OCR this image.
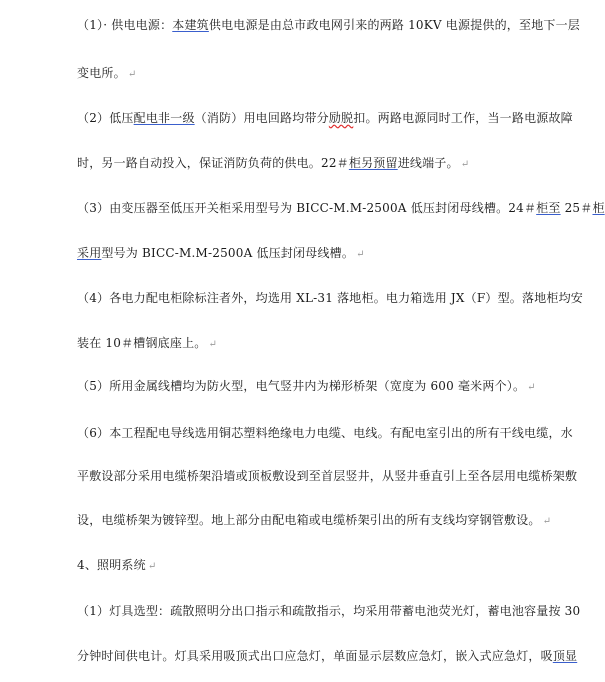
（1）· 供电电源：本建筑供电电源是由总市政电网引来的两路 10KV 电源提供的，至地下一层
变电所。 ↵
（2）低压配电非一级（消防）用电回路均带分励脱扣。两路电源同时工作，当一路电源故障
时，另一路自动投入，保证消防负荷的供电。22＃柜另预留进线端子。 ↵
（3）由变压器至低压开关柜采用型号为 BICC-M.M-2500A 低压封闭母线槽。24＃柜至 25＃柜
采用型号为 BICC-M.M-2500A 低压封闭母线槽。 ↵
（4）各电力配电柜除标注者外，均选用 XL-31 落地柜。电力箱选用 JX（F）型。落地柜均安
装在 10＃槽钢底座上。 ↵
（5）所用金属线槽均为防火型，电气竖井内为梯形桥架（宽度为 600 毫米两个）。 ↵
（6）本工程配电导线选用铜芯塑料绝缘电力电缆、电线。有配电室引出的所有干线电缆，水
平敷设部分采用电缆桥架沿墙或顶板敷设到至首层竖井，从竖井垂直引上至各层用电缆桥架敷
设，电缆桥架为镀锌型。地上部分由配电箱或电缆桥架引出的所有支线均穿钢管敷设。 ↵
4、照明系统 ↵
（1）灯具选型：疏散照明分出口指示和疏散指示，均采用带蓄电池荧光灯，蓄电池容量按 30
分钟时间供电计。灯具采用吸顶式出口应急灯，单面显示层数应急灯，嵌入式应急灯，吸顶显
